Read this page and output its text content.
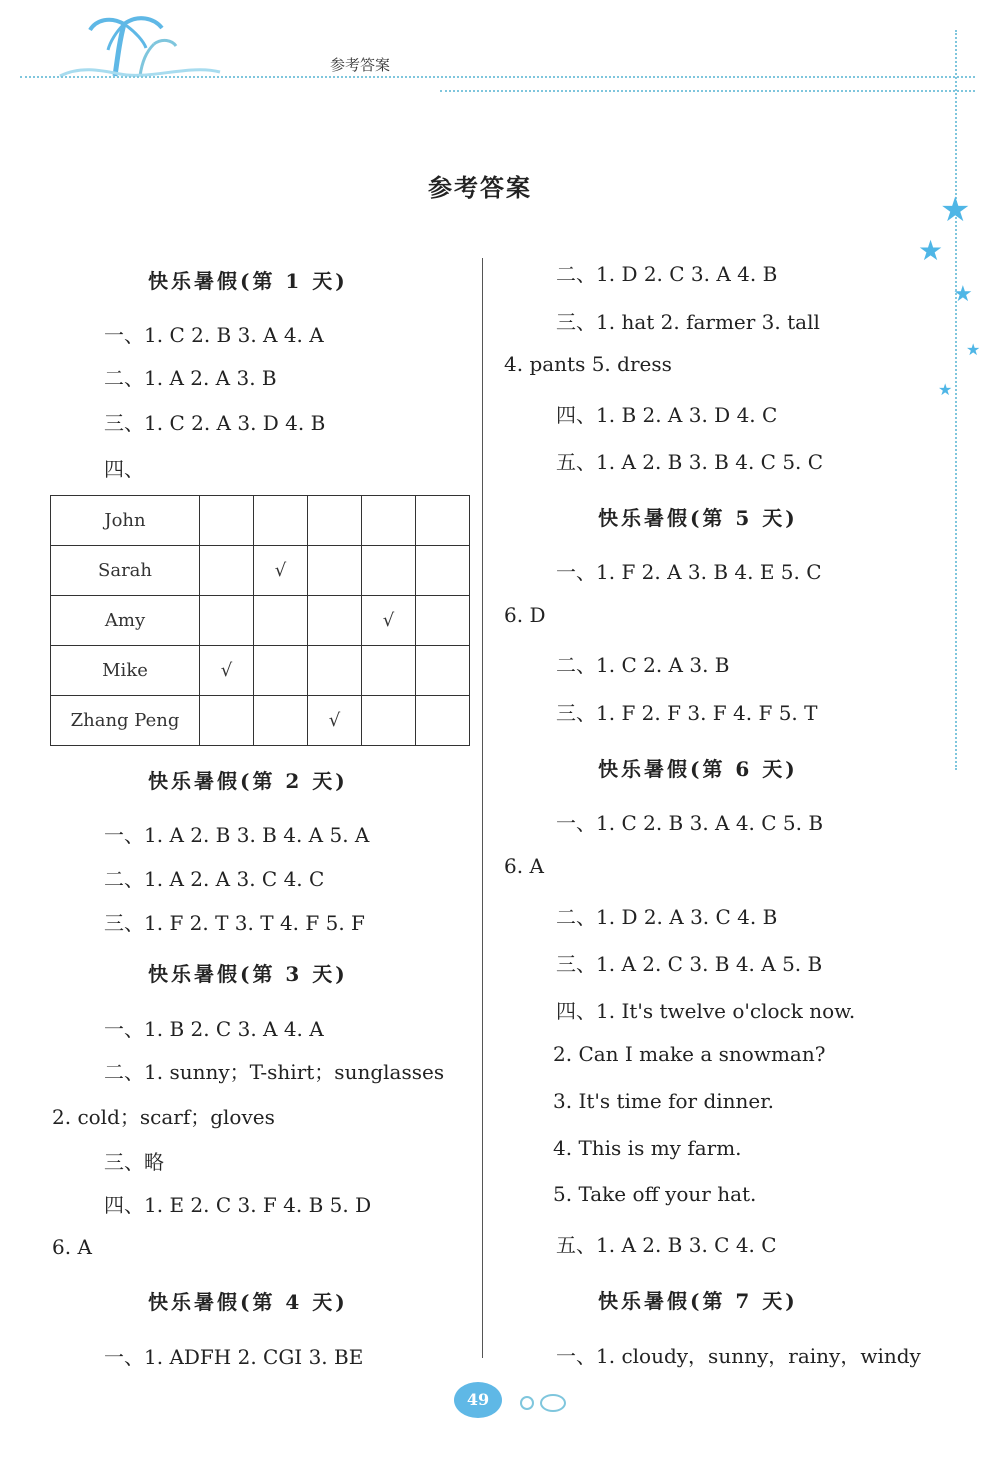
参考答案
★
★
★
★
★
参考答案
快乐暑假(第 1 天)
一、1. C 2. B 3. A 4. A
二、1. A 2. A 3. B
三、1. C 2. A 3. D 4. B
四、
快乐暑假(第 2 天)
一、1. A 2. B 3. B 4. A 5. A
二、1. A 2. A 3. C 4. C
三、1. F 2. T 3. T 4. F 5. F
快乐暑假(第 3 天)
一、1. B 2. C 3. A 4. A
二、1. sunny；T-shirt；sunglasses
2. cold；scarf；gloves
三、略
四、1. E 2. C 3. F 4. B 5. D
6. A
快乐暑假(第 4 天)
一、1. ADFH 2. CGI 3. BE
二、1. D 2. C 3. A 4. B
三、1. hat 2. farmer 3. tall
4. pants 5. dress
四、1. B 2. A 3. D 4. C
五、1. A 2. B 3. B 4. C 5. C
快乐暑假(第 5 天)
一、1. F 2. A 3. B 4. E 5. C
6. D
二、1. C 2. A 3. B
三、1. F 2. F 3. F 4. F 5. T
快乐暑假(第 6 天)
一、1. C 2. B 3. A 4. C 5. B
6. A
二、1. D 2. A 3. C 4. B
三、1. A 2. C 3. B 4. A 5. B
四、1. It's twelve o'clock now.
2. Can I make a snowman?
3. It's time for dinner.
4. This is my farm.
5. Take off your hat.
五、1. A 2. B 3. C 4. C
快乐暑假(第 7 天)
一、1. cloudy，sunny，rainy，windy
John					
Sarah		√			
Amy				√	
Mike	√				
Zhang Peng			√		
49
